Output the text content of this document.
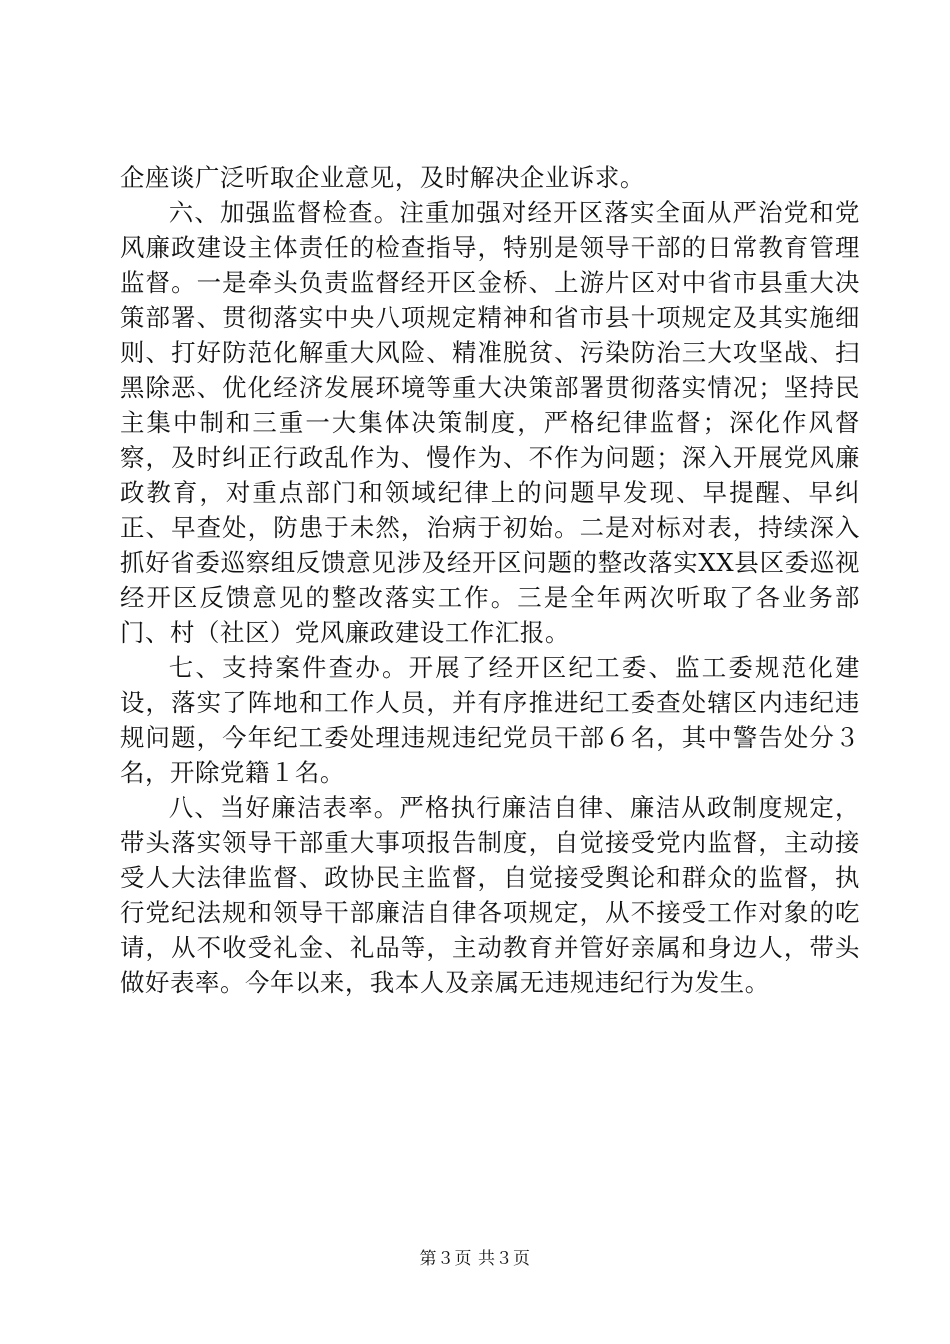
企座谈广泛听取企业意见，及时解决企业诉求。

六、加强监督检查。注重加强对经开区落实全面从严治党和党风廉政建设主体责任的检查指导，特别是领导干部的日常教育管理监督。一是牵头负责监督经开区金桥、上游片区对中省市县重大决策部署、贯彻落实中央八项规定精神和省市县十项规定及其实施细则、打好防范化解重大风险、精准脱贫、污染防治三大攻坚战、扫黑除恶、优化经济发展环境等重大决策部署贯彻落实情况；坚持民主集中制和三重一大集体决策制度，严格纪律监督；深化作风督察，及时纠正行政乱作为、慢作为、不作为问题；深入开展党风廉政教育，对重点部门和领域纪律上的问题早发现、早提醒、早纠正、早查处，防患于未然，治病于初始。二是对标对表，持续深入抓好省委巡察组反馈意见涉及经开区问题的整改落实XX县区委巡视经开区反馈意见的整改落实工作。三是全年两次听取了各业务部门、村（社区）党风廉政建设工作汇报。

七、支持案件查办。开展了经开区纪工委、监工委规范化建设，落实了阵地和工作人员，并有序推进纪工委查处辖区内违纪违规问题，今年纪工委处理违规违纪党员干部６名，其中警告处分３名，开除党籍１名。

八、当好廉洁表率。严格执行廉洁自律、廉洁从政制度规定，带头落实领导干部重大事项报告制度，自觉接受党内监督，主动接受人大法律监督、政协民主监督，自觉接受舆论和群众的监督，执行党纪法规和领导干部廉洁自律各项规定，从不接受工作对象的吃请，从不收受礼金、礼品等，主动教育并管好亲属和身边人，带头做好表率。今年以来，我本人及亲属无违规违纪行为发生。

第３页 共３页
